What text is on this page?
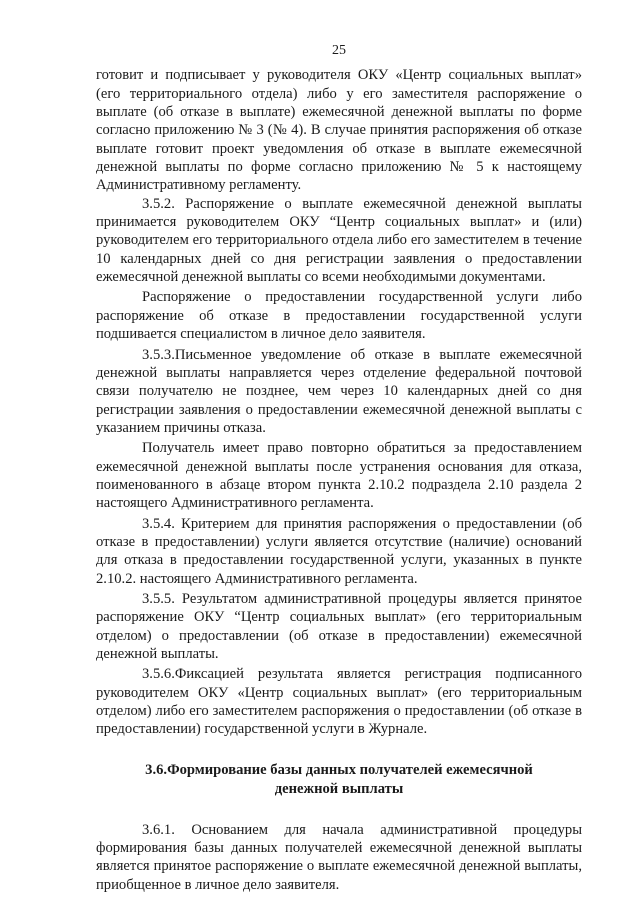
25

готовит и подписывает у руководителя ОКУ «Центр социальных выплат» (его территориального отдела) либо у его заместителя распоряжение о выплате (об отказе в выплате) ежемесячной денежной выплаты по форме согласно приложению № 3 (№ 4). В случае принятия распоряжения об отказе выплате готовит проект уведомления об отказе в выплате ежемесячной денежной выплаты по форме согласно приложению № 5 к настоящему Административному регламенту.

3.5.2. Распоряжение о выплате ежемесячной денежной выплаты принимается руководителем ОКУ “Центр социальных выплат» и (или) руководителем его территориального отдела либо его заместителем в течение 10 календарных дней со дня регистрации заявления о предоставлении ежемесячной денежной выплаты со всеми необходимыми документами.

Распоряжение о предоставлении государственной услуги либо распоряжение об отказе в предоставлении государственной услуги подшивается специалистом в личное дело заявителя.

3.5.3.Письменное уведомление об отказе в выплате ежемесячной денежной выплаты направляется через отделение федеральной почтовой связи получателю не позднее, чем через 10 календарных дней со дня регистрации заявления о предоставлении ежемесячной денежной выплаты с указанием причины отказа.

Получатель имеет право повторно обратиться за предоставлением ежемесячной денежной выплаты после устранения основания для отказа, поименованного в абзаце втором пункта 2.10.2 подраздела 2.10 раздела 2 настоящего Административного регламента.

3.5.4. Критерием для принятия распоряжения о предоставлении (об отказе в предоставлении) услуги является отсутствие (наличие) оснований для отказа в предоставлении государственной услуги, указанных в пункте 2.10.2. настоящего Административного регламента.

3.5.5. Результатом административной процедуры является принятое распоряжение ОКУ “Центр социальных выплат» (его территориальным отделом) о предоставлении (об отказе в предоставлении) ежемесячной денежной выплаты.

3.5.6.Фиксацией результата является регистрация подписанного руководителем ОКУ «Центр социальных выплат» (его территориальным отделом) либо его заместителем распоряжения о предоставлении (об отказе в предоставлении) государственной услуги в Журнале.

3.6.Формирование базы данных получателей ежемесячной
денежной выплаты

3.6.1. Основанием для начала административной процедуры формирования базы данных получателей ежемесячной денежной выплаты является принятое распоряжение о выплате ежемесячной денежной выплаты, приобщенное в личное дело заявителя.
